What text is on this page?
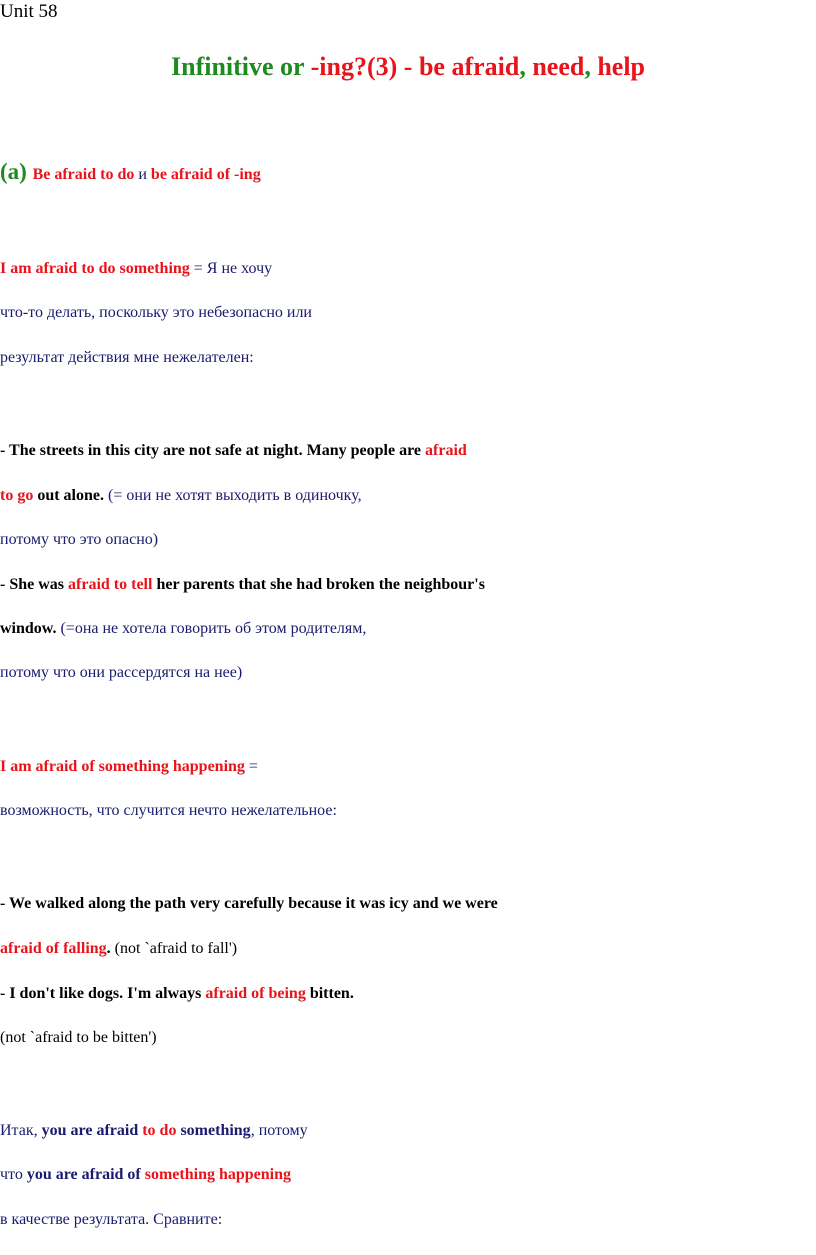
Unit 58
Infinitive or -ing?(3) - be afraid, need, help
(a) Be afraid to do и be afraid of -ing
I am afraid to do something = Я не хочу
что-то делать, поскольку это небезопасно или
результат действия мне нежелателен:
- The streets in this city are not safe at night. Many people are afraid
to go out alone. (= они не хотят выходить в одиночку,
потому что это опасно)
- She was afraid to tell her parents that she had broken the neighbour's
window. (=она не хотела говорить об этом родителям,
потому что они рассердятся на нее)
I am afraid of something happening =
возможность, что случится нечто нежелательное:
- We walked along the path very carefully because it was icy and we were
afraid of falling. (not `afraid to fall')
- I don't like dogs. I'm always afraid of being bitten.
(not `afraid to be bitten')
Итак, you are afraid to do something, потому
что you are afraid of something happening
в качестве результата. Сравните:
